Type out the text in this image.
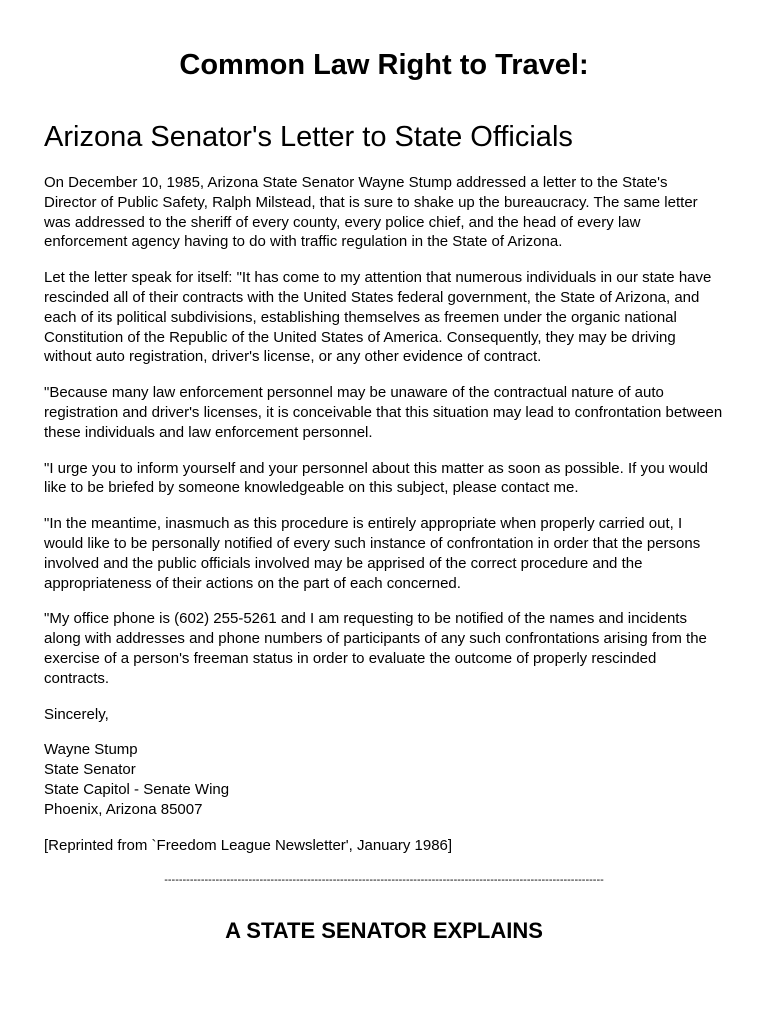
Common Law Right to Travel:
Arizona Senator's Letter to State Officials

On December 10, 1985, Arizona State Senator Wayne Stump addressed a letter to the State's Director of Public Safety, Ralph Milstead, that is sure to shake up the bureaucracy. The same letter was addressed to the sheriff of every county, every police chief, and the head of every law enforcement agency having to do with traffic regulation in the State of Arizona.

Let the letter speak for itself: "It has come to my attention that numerous individuals in our state have rescinded all of their contracts with the United States federal government, the State of Arizona, and each of its political subdivisions, establishing themselves as freemen under the organic national Constitution of the Republic of the United States of America. Consequently, they may be driving without auto registration, driver's license, or any other evidence of contract.

"Because many law enforcement personnel may be unaware of the contractual nature of auto registration and driver's licenses, it is conceivable that this situation may lead to confrontation between these individuals and law enforcement personnel.

"I urge you to inform yourself and your personnel about this matter as soon as possible. If you would like to be briefed by someone knowledgeable on this subject, please contact me.

"In the meantime, inasmuch as this procedure is entirely appropriate when properly carried out, I would like to be personally notified of every such instance of confrontation in order that the persons involved and the public officials involved may be apprised of the correct procedure and the appropriateness of their actions on the part of each concerned.

"My office phone is (602) 255-5261 and I am requesting to be notified of the names and incidents along with addresses and phone numbers of participants of any such confrontations arising from the exercise of a person's freeman status in order to evaluate the outcome of properly rescinded contracts.

Sincerely,

Wayne Stump
State Senator
State Capitol - Senate Wing
Phoenix, Arizona 85007

[Reprinted from `Freedom League Newsletter', January 1986]

------------------------------------------------------------------------------------------------------------------------
A STATE SENATOR EXPLAINS
